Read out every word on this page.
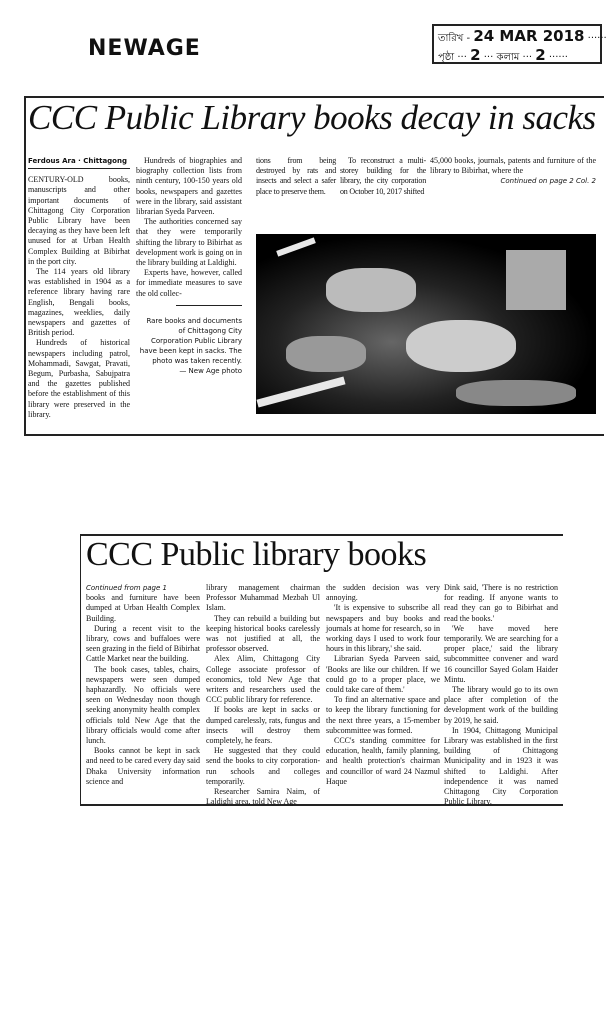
NEWAGE	তারিখ - 24 MAR 2018 ······
পৃষ্ঠা ··· 2 ··· কলাম ··· 2 ······
CCC Public Library books decay in sacks
Ferdous Ara · Chittagong

CENTURY-OLD books, manuscripts and other important documents of Chittagong City Corporation Public Library have been decaying as they have been left unused for at Urban Health Complex Building at Bibirhat in the port city.

The 114 years old library was established in 1904 as a reference library having rare English, Bengali books, magazines, weeklies, daily newspapers and gazettes of British period.

Hundreds of historical newspapers including patrol, Mohammadi, Sawgat, Pravati, Begum, Purbasha, Sabujpatra and the gazettes published before the establishment of this library were preserved in the library.

Hundreds of biographies and biography collection lists from ninth century, 100-150 years old books, newspapers and gazettes were in the library, said assistant librarian Syeda Parveen.

The authorities concerned say that they were temporarily shifting the library to Bibirhat as development work is going on in the library building at Laldighi.

Experts have, however, called for immediate measures to save the old collec-

Rare books and documents
of Chittagong City
Corporation Public Library
have been kept in sacks. The
photo was taken recently.
— New Age photo

tions from being destroyed by rats and insects and select a safer place to preserve them.

To reconstruct a multi-storey building for the library, the city corporation on October 10, 2017 shifted

45,000 books, journals, patents and furniture of the library to Bibirhat, where the

Continued on page 2 Col. 2
CCC Public library books
Continued from page 1

books and furniture have been dumped at Urban Health Complex Building.

During a recent visit to the library, cows and buffaloes were seen grazing in the field of Bibirhat Cattle Market near the building.

The book cases, tables, chairs, newspapers were seen dumped haphazardly. No officials were seen on Wednesday noon though seeking anonymity health complex officials told New Age that the library officials would come after lunch.

Books cannot be kept in sack and need to be cared every day said Dhaka University information science and

library management chairman Professor Muhammad Mezbah Ul Islam.

They can rebuild a building but keeping historical books carelessly was not justified at all, the professor observed.

Alex Alim, Chittagong City College associate professor of economics, told New Age that writers and researchers used the CCC public library for reference.

If books are kept in sacks or dumped carelessly, rats, fungus and insects will destroy them completely, he fears.

He suggested that they could send the books to city corporation-run schools and colleges temporarily.

Researcher Samira Naim, of Laldighi area, told New Age

the sudden decision was very annoying.

'It is expensive to subscribe all newspapers and buy books and journals at home for research, so in working days I used to work four hours in this library,' she said.

Librarian Syeda Parveen said, 'Books are like our children. If we could go to a proper place, we could take care of them.'

To find an alternative space and to keep the library functioning for the next three years, a 15-member subcommittee was formed.

CCC's standing committee for education, health, family planning, and health protection's chairman and councillor of ward 24 Nazmul Haque

Dink said, 'There is no restriction for reading. If anyone wants to read they can go to Bibirhat and read the books.'

'We have moved here temporarily. We are searching for a proper place,' said the library subcommittee convener and ward 16 councillor Sayed Golam Haider Mintu.

The library would go to its own place after completion of the development work of the building by 2019, he said.

In 1904, Chittagong Municipal Library was established in the first building of Chittagong Municipality and in 1923 it was shifted to Laldighi. After independence it was named Chittagong City Corporation Public Library.
